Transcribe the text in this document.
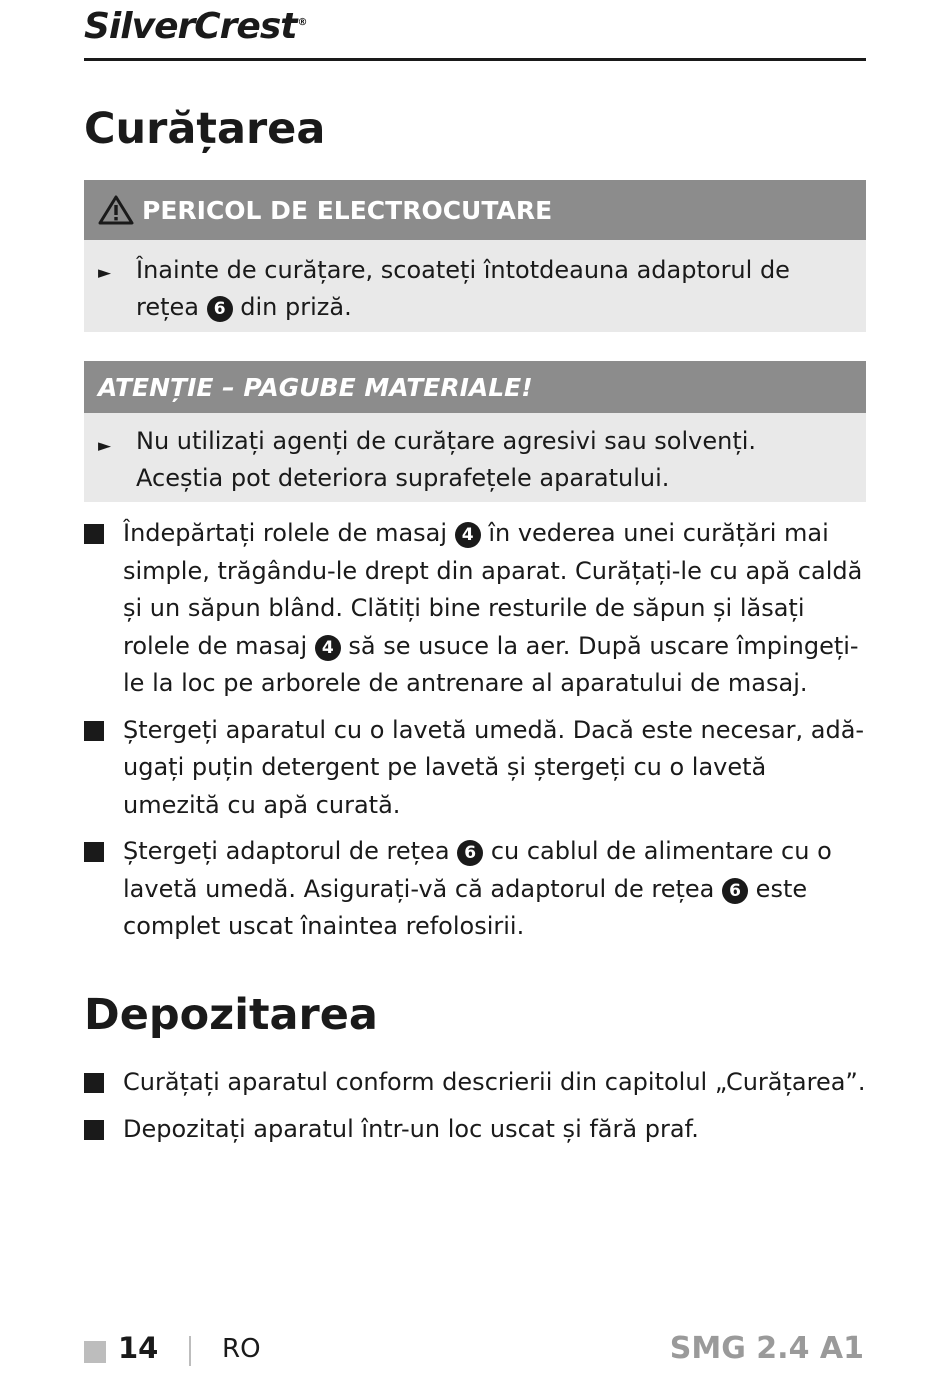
SilverCrest®
Curățarea
PERICOL DE ELECTROCUTARE
► Înainte de curățare, scoateți întotdeauna adaptorul de rețea 6 din priză.
ATENȚIE – PAGUBE MATERIALE!
► Nu utilizați agenți de curățare agresivi sau solvenți. Aceștia pot deteriora suprafețele aparatului.
Îndepărtați rolele de masaj 4 în vederea unei curățări mai simple, trăgându-le drept din aparat. Curățați-le cu apă caldă și un săpun blând. Clătiți bine resturile de săpun și lăsați rolele de masaj 4 să se usuce la aer. După uscare împingeți-le la loc pe arborele de antrenare al aparatului de masaj.
Ștergeți aparatul cu o lavetă umedă. Dacă este necesar, adă-ugați puțin detergent pe lavetă și ștergeți cu o lavetă umezită cu apă curată.
Ștergeți adaptorul de rețea 6 cu cablul de alimentare cu o lavetă umedă. Asigurați-vă că adaptorul de rețea 6 este complet uscat înaintea refolosirii.
Depozitarea
Curățați aparatul conform descrierii din capitolul „Curățarea”.
Depozitați aparatul într-un loc uscat și fără praf.
14 RO	SMG 2.4 A1
